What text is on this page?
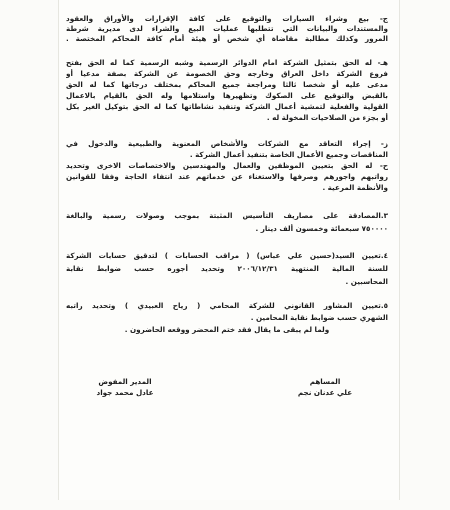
ج- بيع وشراء السيارات والتوقيع على كافة الإقرارات والأوراق والعقود
والمستندات والبيانات التي تتطلبها عمليات البيع والشراء لدى مديرية شرطة
المرور وكذلك مطالبة مقاضاة أي شخص أو هيئة أمام كافة المحاكم المختصة .
هـ- له الحق بتمثيل الشركة امام الدوائر الرسمية وشبه الرسمية كما له الحق بفتح
فروع الشركة داخل العراق وخارجه وحق الخصومة عن الشركة بصفة مدعيا أو
مدعى عليه أو شخصا ثالثا ومراجعة جميع المحاكم بمختلف درجاتها كما له الحق
بالقبض والتوقيع على الصكوك وتظهيرها واستلامها وله الحق بالقيام بالاعمال
القولية والفعلية لتمشية أعمال الشركة وتنفيذ نشاطاتها كما له الحق بتوكيل الغير بكل
أو بجزء من الصلاحيات المخولة له .
ز- إجراء التعاقد مع الشركات والأشخاص المعنوية والطبيعية والدخول في
المناقصات وجميع الأعمال الخاصة بتنفيذ أعمال الشركة .
ح- له الحق بتعيين الموظفين والعمال والمهندسين والاختصاصات الاخرى وتحديد
رواتبهم واجورهم وصرفها والاستغناء عن خدماتهم عند انتفاء الحاجة وفقا للقوانين
والأنظمة المرعية .
٣.المصادقة على مصاريف التأسيس المثبتة بموجب وصولات رسمية والبالغة
٧٥٠٠٠٠ سبعمائة وخمسون ألف دينار .
٤.تعيين السيد(حسين علي عباس) ( مراقب الحسابات ) لتدقيق حسابات الشركة
للسنة المالية المنتهية ٢٠٠٦/١٢/٣١ وتحديد أجوره حسب ضوابط نقابة
المحاسبين .
٥.تعيين المشاور القانوني للشركة المحامي ( رياح العبيدي ) وتحديد راتبه
الشهري حسب ضوابط نقابة المحامين .
ولما لم يبقى ما يقال فقد ختم المحضر ووقعه الحاضرون .
المساهم
علي عدنان نجم
المدير المفوض
عادل محمد جواد
